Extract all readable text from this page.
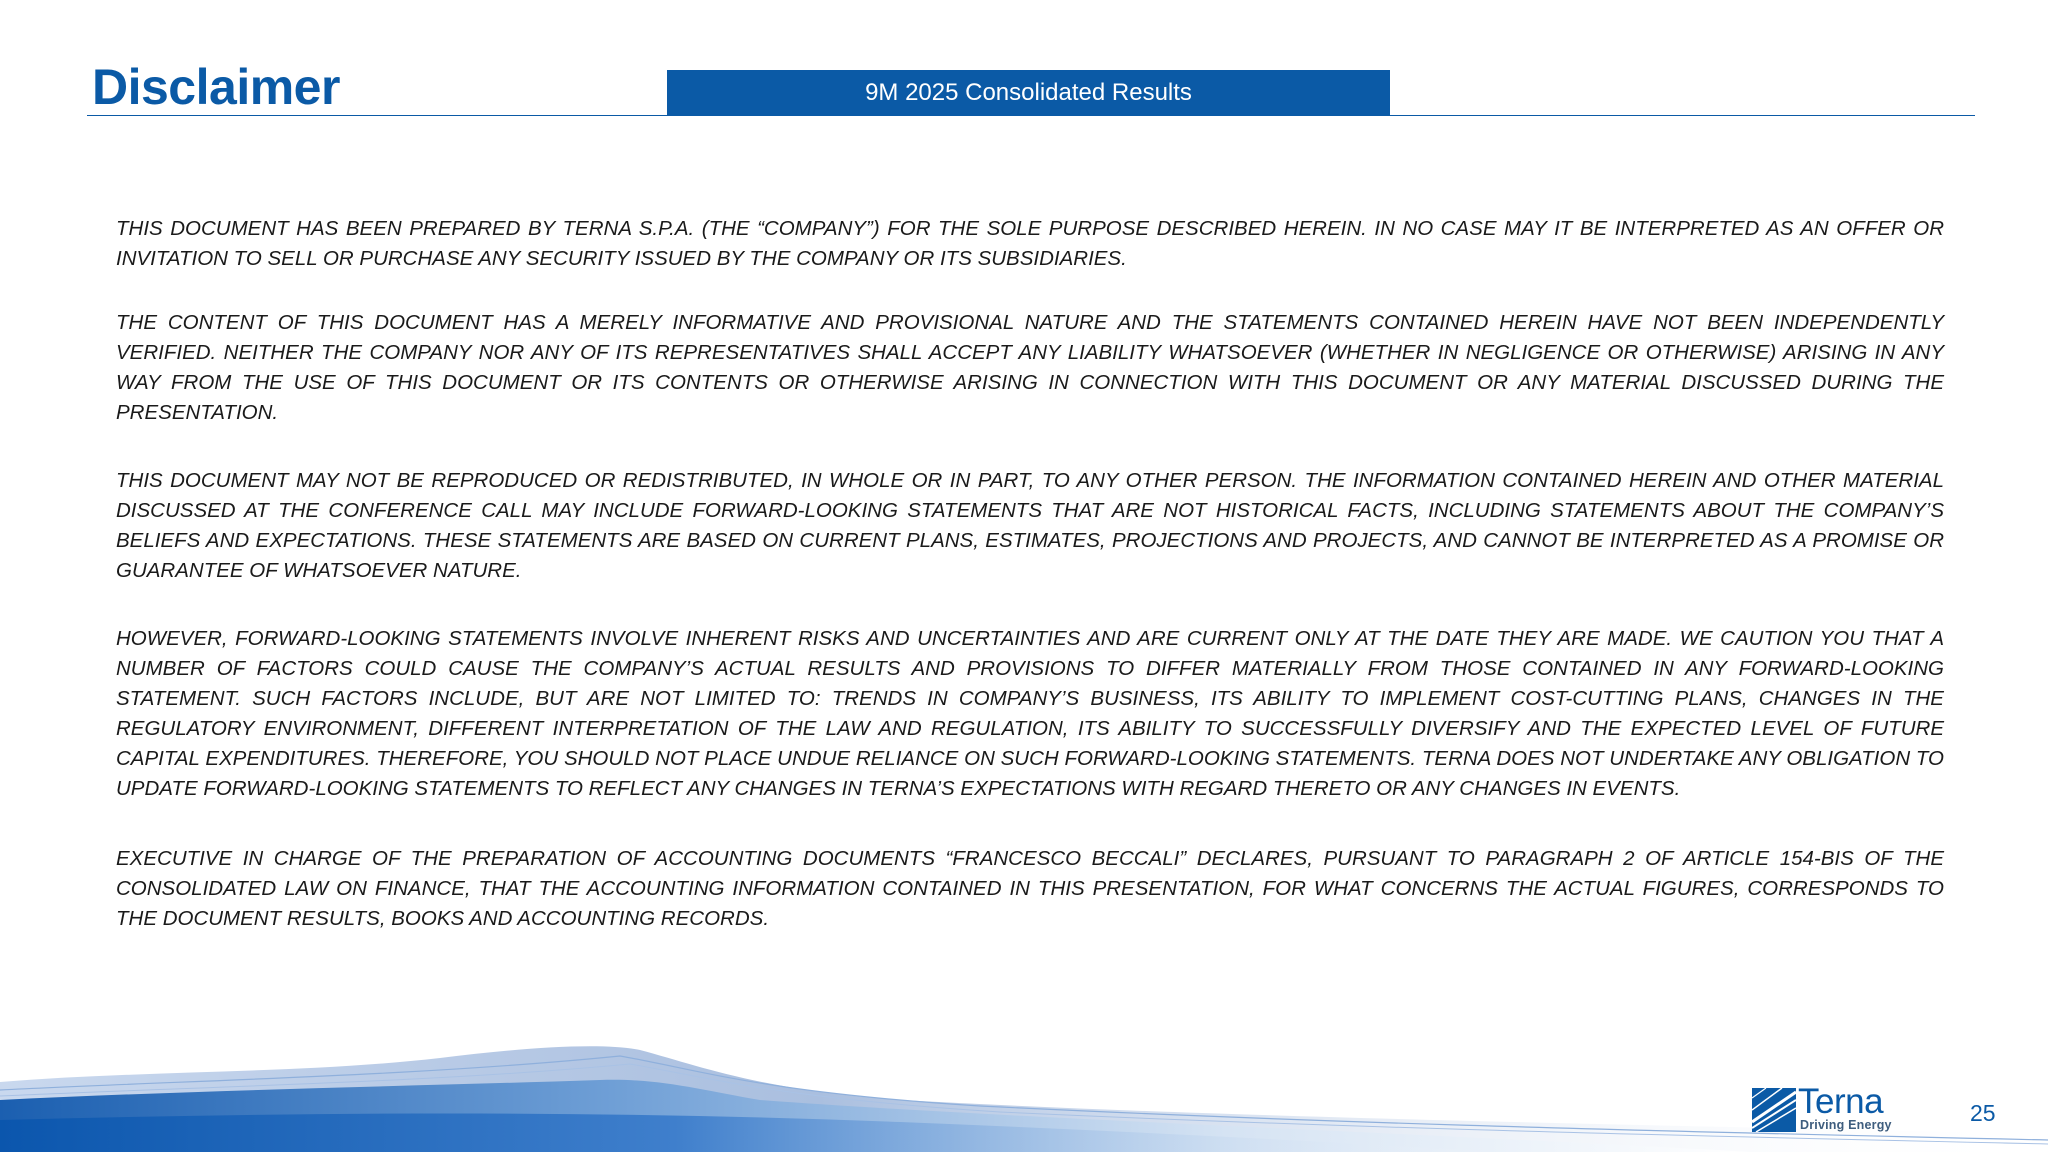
Disclaimer	9M 2025 Consolidated Results

THIS DOCUMENT HAS BEEN PREPARED BY TERNA S.P.A. (THE “COMPANY”) FOR THE SOLE PURPOSE DESCRIBED HEREIN. IN NO CASE MAY IT BE INTERPRETED AS AN OFFER OR INVITATION TO SELL OR PURCHASE ANY SECURITY ISSUED BY THE COMPANY OR ITS SUBSIDIARIES.

THE CONTENT OF THIS DOCUMENT HAS A MERELY INFORMATIVE AND PROVISIONAL NATURE AND THE STATEMENTS CONTAINED HEREIN HAVE NOT BEEN INDEPENDENTLY VERIFIED. NEITHER THE COMPANY NOR ANY OF ITS REPRESENTATIVES SHALL ACCEPT ANY LIABILITY WHATSOEVER (WHETHER IN NEGLIGENCE OR OTHERWISE) ARISING IN ANY WAY FROM THE USE OF THIS DOCUMENT OR ITS CONTENTS OR OTHERWISE ARISING IN CONNECTION WITH THIS DOCUMENT OR ANY MATERIAL DISCUSSED DURING THE PRESENTATION.

THIS DOCUMENT MAY NOT BE REPRODUCED OR REDISTRIBUTED, IN WHOLE OR IN PART, TO ANY OTHER PERSON. THE INFORMATION CONTAINED HEREIN AND OTHER MATERIAL DISCUSSED AT THE CONFERENCE CALL MAY INCLUDE FORWARD-LOOKING STATEMENTS THAT ARE NOT HISTORICAL FACTS, INCLUDING STATEMENTS ABOUT THE COMPANY’S BELIEFS AND EXPECTATIONS. THESE STATEMENTS ARE BASED ON CURRENT PLANS, ESTIMATES, PROJECTIONS AND PROJECTS, AND CANNOT BE INTERPRETED AS A PROMISE OR GUARANTEE OF WHATSOEVER NATURE.

HOWEVER, FORWARD-LOOKING STATEMENTS INVOLVE INHERENT RISKS AND UNCERTAINTIES AND ARE CURRENT ONLY AT THE DATE THEY ARE MADE. WE CAUTION YOU THAT A NUMBER OF FACTORS COULD CAUSE THE COMPANY’S ACTUAL RESULTS AND PROVISIONS TO DIFFER MATERIALLY FROM THOSE CONTAINED IN ANY FORWARD-LOOKING STATEMENT. SUCH FACTORS INCLUDE, BUT ARE NOT LIMITED TO: TRENDS IN COMPANY’S BUSINESS, ITS ABILITY TO IMPLEMENT COST-CUTTING PLANS, CHANGES IN THE REGULATORY ENVIRONMENT, DIFFERENT INTERPRETATION OF THE LAW AND REGULATION, ITS ABILITY TO SUCCESSFULLY DIVERSIFY AND THE EXPECTED LEVEL OF FUTURE CAPITAL EXPENDITURES. THEREFORE, YOU SHOULD NOT PLACE UNDUE RELIANCE ON SUCH FORWARD-LOOKING STATEMENTS. TERNA DOES NOT UNDERTAKE ANY OBLIGATION TO UPDATE FORWARD-LOOKING STATEMENTS TO REFLECT ANY CHANGES IN TERNA’S EXPECTATIONS WITH REGARD THERETO OR ANY CHANGES IN EVENTS.

EXECUTIVE IN CHARGE OF THE PREPARATION OF ACCOUNTING DOCUMENTS “FRANCESCO BECCALI” DECLARES, PURSUANT TO PARAGRAPH 2 OF ARTICLE 154-BIS OF THE CONSOLIDATED LAW ON FINANCE, THAT THE ACCOUNTING INFORMATION CONTAINED IN THIS PRESENTATION, FOR WHAT CONCERNS THE ACTUAL FIGURES, CORRESPONDS TO THE DOCUMENT RESULTS, BOOKS AND ACCOUNTING RECORDS.

Terna
Driving Energy	25
